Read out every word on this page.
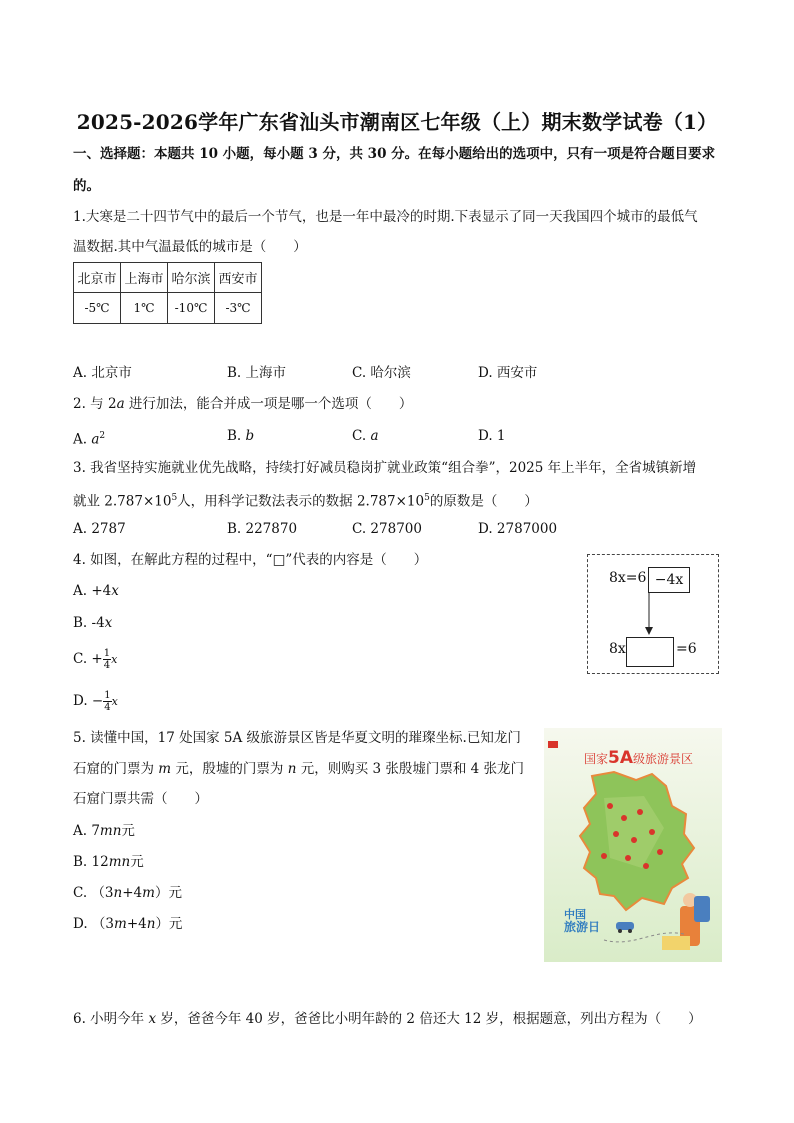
2025-2026学年广东省汕头市潮南区七年级（上）期末数学试卷（1）
一、选择题：本题共 10 小题，每小题 3 分，共 30 分。在每小题给出的选项中，只有一项是符合题目要求
的。
1.大寒是二十四节气中的最后一个节气，也是一年中最冷的时期.下表显示了同一天我国四个城市的最低气
温数据.其中气温最低的城市是（　　）
北京市	上海市	哈尔滨	西安市
-5℃	1℃	-10℃	-3℃
A. 北京市	B. 上海市	C. 哈尔滨	D. 西安市
2. 与 2a 进行加法，能合并成一项是哪一个选项（　　）
A. $a^2$	B. b	C. a	D. 1
3. 我省坚持实施就业优先战略，持续打好减员稳岗扩就业政策“组合拳”，2025 年上半年，全省城镇新增
就业 $2.787\times 10^5$人，用科学记数法表示的数据 $2.787\times 10^5$的原数是（　　）
A. 2787	B. 227870	C. 278700	D. 2787000
4. 如图，在解此方程的过程中，“□”代表的内容是（　　）
A. +4x
B. -4x
C. + $\frac{1}{4}$ x
D. − $\frac{1}{4}$ x
8x=6 −4x
8x	=6
5. 读懂中国，17 处国家 5A 级旅游景区皆是华夏文明的璀璨坐标.已知龙门
石窟的门票为 m 元，殷墟的门票为 n 元，则购买 3 张殷墟门票和 4 张龙门
石窟门票共需（　　）
A. 7mn元
B. 12mn元
C. （3n+4m）元
D. （3m+4n）元
国家5A级旅游景区
中国
旅游日
6. 小明今年 x 岁，爸爸今年 40 岁，爸爸比小明年龄的 2 倍还大 12 岁，根据题意，列出方程为（　　）
